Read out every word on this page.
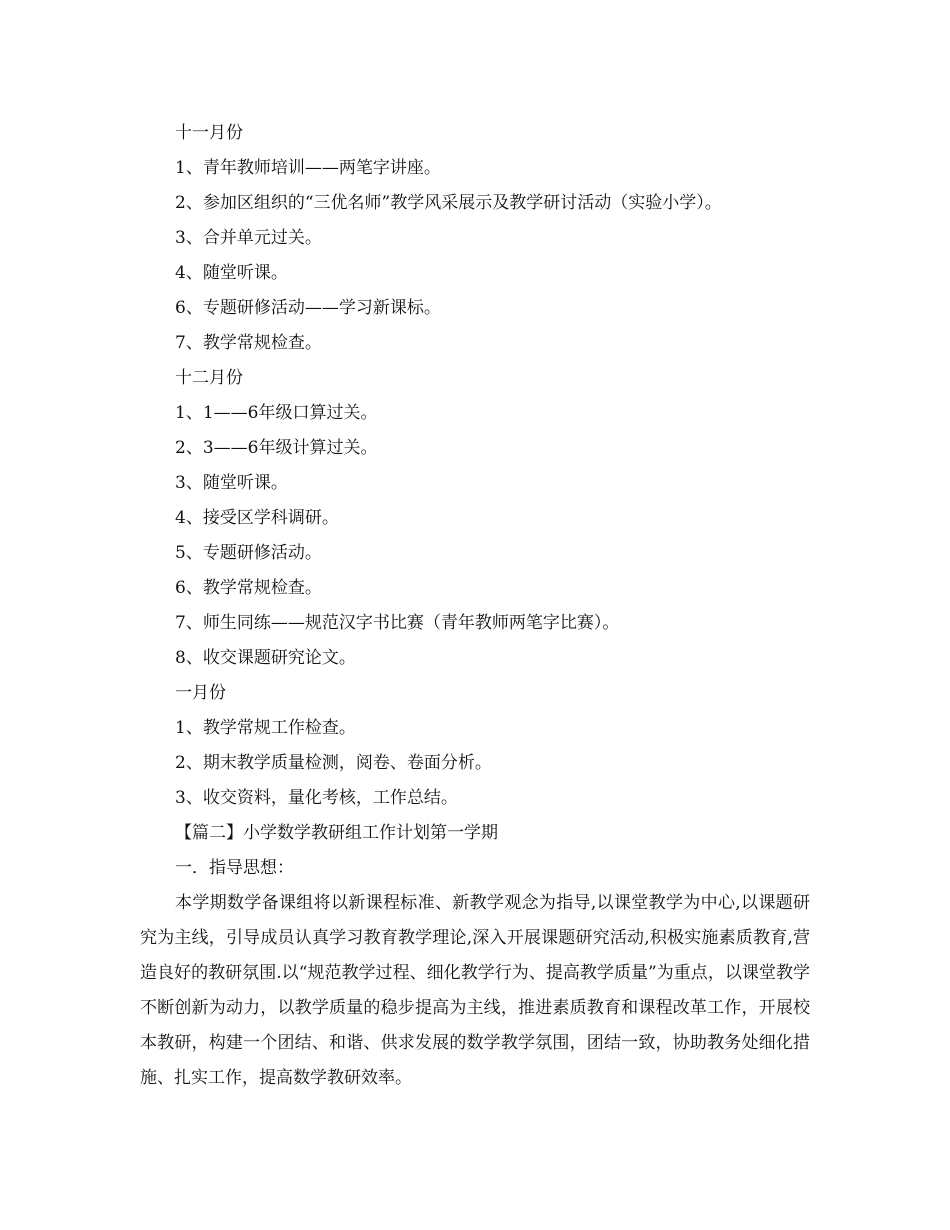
十一月份
1、青年教师培训——两笔字讲座。
2、参加区组织的“三优名师”教学风采展示及教学研讨活动（实验小学）。
3、合并单元过关。
4、随堂听课。
6、专题研修活动——学习新课标。
7、教学常规检查。
十二月份
1、1——6年级口算过关。
2、3——6年级计算过关。
3、随堂听课。
4、接受区学科调研。
5、专题研修活动。
6、教学常规检查。
7、师生同练——规范汉字书比赛（青年教师两笔字比赛）。
8、收交课题研究论文。
一月份
1、教学常规工作检查。
2、期末教学质量检测，阅卷、卷面分析。
3、收交资料，量化考核，工作总结。
【篇二】小学数学教研组工作计划第一学期
一．指导思想：

本学期数学备课组将以新课程标准、新教学观念为指导,以课堂教学为中心,以课题研究为主线，引导成员认真学习教育教学理论,深入开展课题研究活动,积极实施素质教育,营造良好的教研氛围.以“规范教学过程、细化教学行为、提高教学质量”为重点，以课堂教学不断创新为动力，以教学质量的稳步提高为主线，推进素质教育和课程改革工作，开展校本教研，构建一个团结、和谐、供求发展的数学教学氛围，团结一致，协助教务处细化措施、扎实工作，提高数学教研效率。
